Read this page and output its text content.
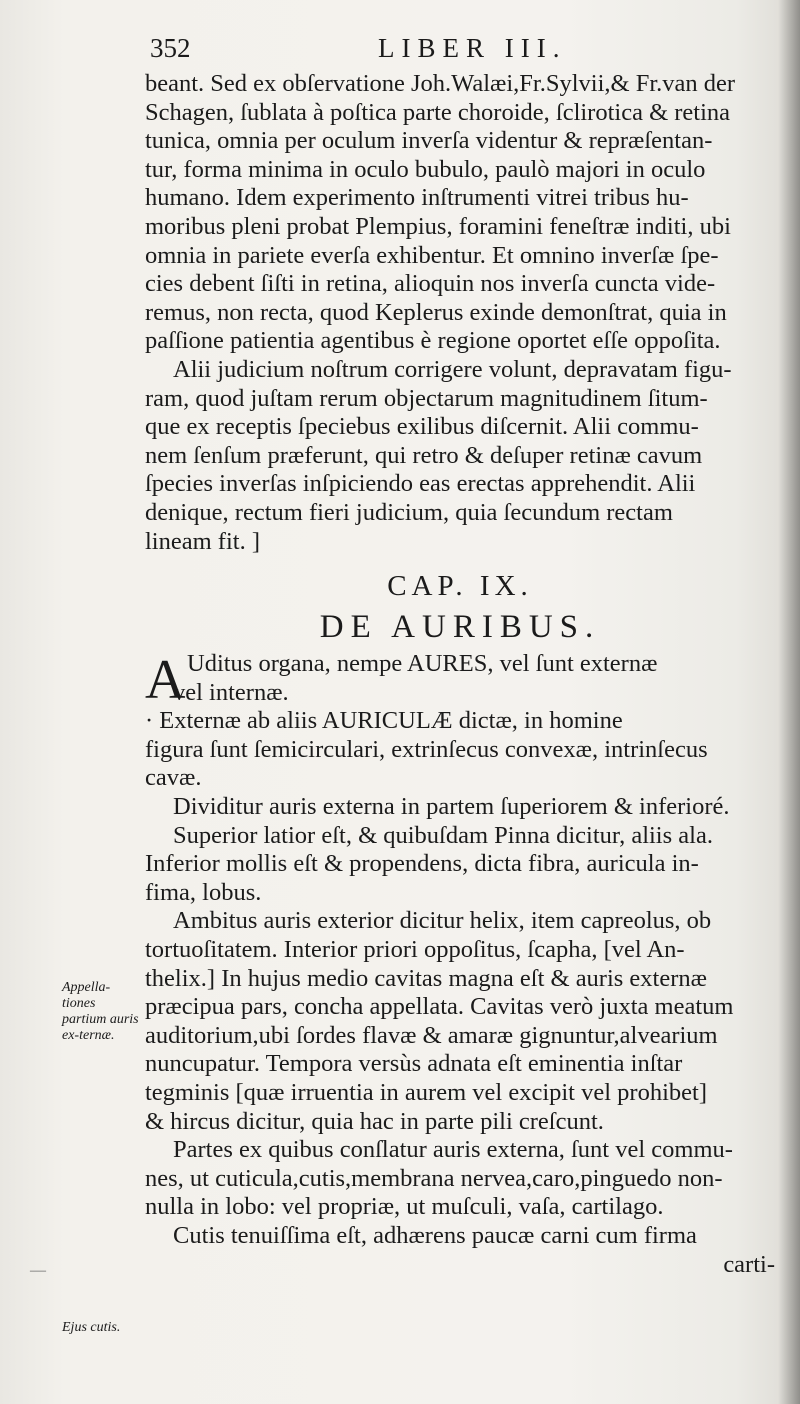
352	LIBER III.
beant. Sed ex obſervatione Joh.Walæi,Fr.Sylvii,& Fr.van der
Schagen, ſublata à poſtica parte choroide, ſclirotica & retina
tunica, omnia per oculum inverſa videntur & repræſentan-
tur, forma minima in oculo bubulo, paulò majori in oculo
humano. Idem experimento inſtrumenti vitrei tribus hu-
moribus pleni probat Plempius, foramini feneſtræ inditi, ubi
omnia in pariete everſa exhibentur. Et omnino inverſæ ſpe-
cies debent ſiſti in retina, alioquin nos inverſa cuncta vide-
remus, non recta, quod Keplerus exinde demonſtrat, quia in
paſſione patientia agentibus è regione oportet eſſe oppoſita.
Alii judicium noſtrum corrigere volunt, depravatam figu-
ram, quod juſtam rerum objectarum magnitudinem ſitum-
que ex receptis ſpeciebus exilibus diſcernit. Alii commu-
nem ſenſum præferunt, qui retro & deſuper retinæ cavum
ſpecies inverſas inſpiciendo eas erectas apprehendit. Alii
denique, rectum fieri judicium, quia ſecundum rectam
lineam fit. ]
CAP. IX.
DE AURIBUS.
A Uditus organa, nempe AURES, vel ſunt externæ
vel internæ.
· Externæ ab aliis AURICULÆ dictæ, in homine
figura ſunt ſemicirculari, extrinſecus convexæ, intrinſecus
cavæ.
Dividitur auris externa in partem ſuperiorem & inferioré.
Superior latior eſt, & quibuſdam Pinna dicitur, aliis ala.
Inferior mollis eſt & propendens, dicta fibra, auricula in-
fima, lobus.
Ambitus auris exterior dicitur helix, item capreolus, ob
tortuoſitatem. Interior priori oppoſitus, ſcapha, [vel An-
thelix.] In hujus medio cavitas magna eſt & auris externæ
præcipua pars, concha appellata. Cavitas verò juxta meatum
auditorium,ubi ſordes flavæ & amaræ gignuntur,alvearium
nuncupatur. Tempora versùs adnata eſt eminentia inſtar
tegminis [quæ irruentia in aurem vel excipit vel prohibet]
& hircus dicitur, quia hac in parte pili creſcunt.
Partes ex quibus conſlatur auris externa, ſunt vel commu-
nes, ut cuticula,cutis,membrana nervea,caro,pinguedo non-
nulla in lobo: vel propriæ, ut muſculi, vaſa, cartilago.
Cutis tenuiſſima eſt, adhærens paucæ carni cum firma
carti-
Appella-tiones partium auris ex-ternæ.
Ejus cutis.
—
